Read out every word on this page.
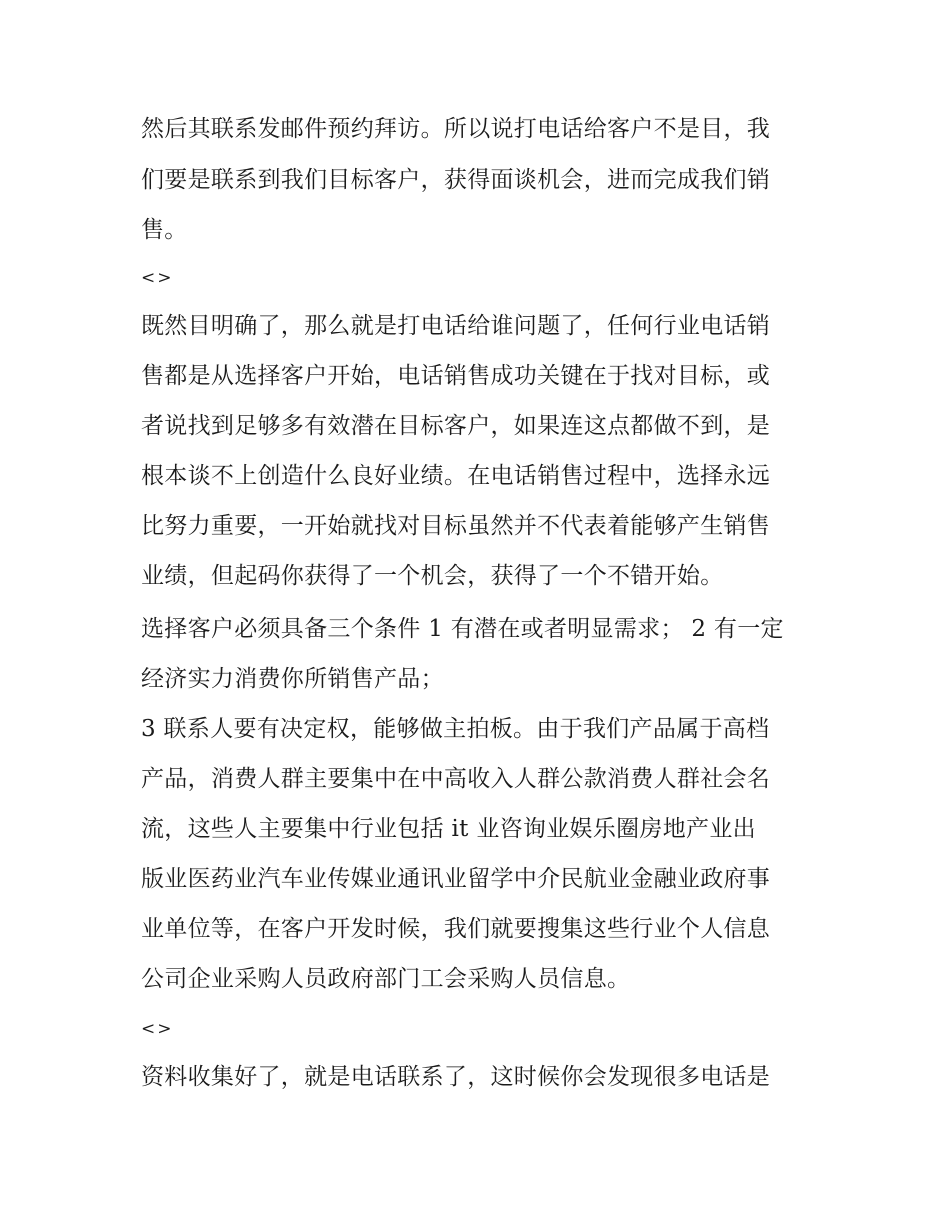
然后其联系发邮件预约拜访。所以说打电话给客户不是目，我
们要是联系到我们目标客户，获得面谈机会，进而完成我们销
售。
<>
既然目明确了，那么就是打电话给谁问题了，任何行业电话销
售都是从选择客户开始，电话销售成功关键在于找对目标，或
者说找到足够多有效潜在目标客户，如果连这点都做不到，是
根本谈不上创造什么良好业绩。在电话销售过程中，选择永远
比努力重要，一开始就找对目标虽然并不代表着能够产生销售
业绩，但起码你获得了一个机会，获得了一个不错开始。
选择客户必须具备三个条件 1 有潜在或者明显需求； 2 有一定
经济实力消费你所销售产品；
3 联系人要有决定权，能够做主拍板。由于我们产品属于高档
产品，消费人群主要集中在中高收入人群公款消费人群社会名
流，这些人主要集中行业包括 it 业咨询业娱乐圈房地产业出
版业医药业汽车业传媒业通讯业留学中介民航业金融业政府事
业单位等，在客户开发时候，我们就要搜集这些行业个人信息
公司企业采购人员政府部门工会采购人员信息。
<>
资料收集好了，就是电话联系了，这时候你会发现很多电话是
